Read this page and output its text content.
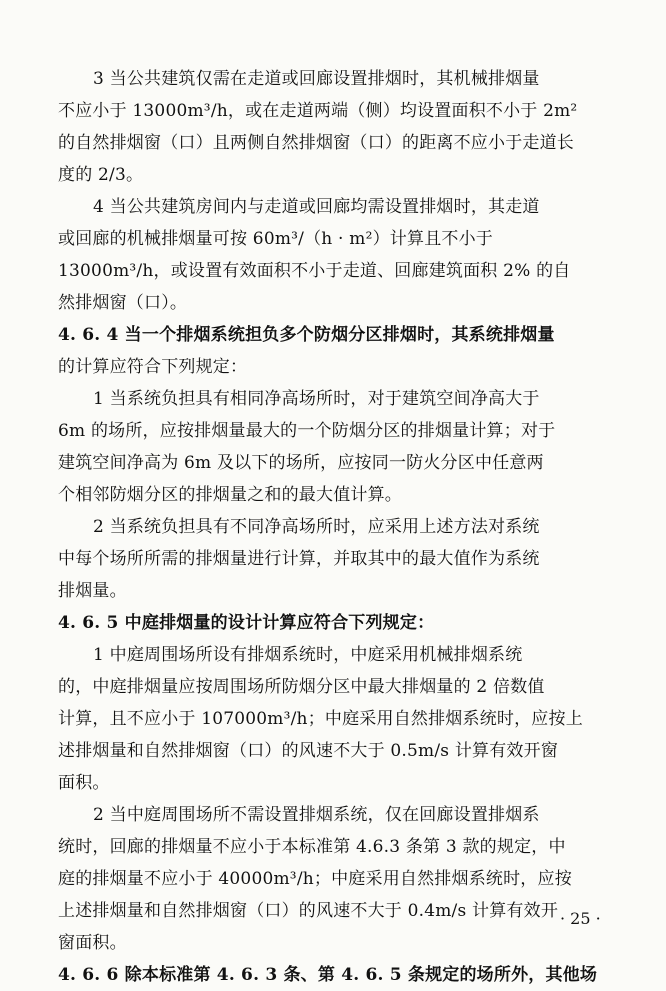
3 当公共建筑仅需在走道或回廊设置排烟时，其机械排烟量
不应小于 13000m³/h，或在走道两端（侧）均设置面积不小于 2m²
的自然排烟窗（口）且两侧自然排烟窗（口）的距离不应小于走道长
度的 2/3。
4 当公共建筑房间内与走道或回廊均需设置排烟时，其走道
或回廊的机械排烟量可按 60m³/（h · m²）计算且不小于
13000m³/h，或设置有效面积不小于走道、回廊建筑面积 2% 的自
然排烟窗（口）。
4. 6. 4 当一个排烟系统担负多个防烟分区排烟时，其系统排烟量
的计算应符合下列规定：
1 当系统负担具有相同净高场所时，对于建筑空间净高大于
6m 的场所，应按排烟量最大的一个防烟分区的排烟量计算；对于
建筑空间净高为 6m 及以下的场所，应按同一防火分区中任意两
个相邻防烟分区的排烟量之和的最大值计算。
2 当系统负担具有不同净高场所时，应采用上述方法对系统
中每个场所所需的排烟量进行计算，并取其中的最大值作为系统
排烟量。
4. 6. 5 中庭排烟量的设计计算应符合下列规定：
1 中庭周围场所设有排烟系统时，中庭采用机械排烟系统
的，中庭排烟量应按周围场所防烟分区中最大排烟量的 2 倍数值
计算，且不应小于 107000m³/h；中庭采用自然排烟系统时，应按上
述排烟量和自然排烟窗（口）的风速不大于 0.5m/s 计算有效开窗
面积。
2 当中庭周围场所不需设置排烟系统，仅在回廊设置排烟系
统时，回廊的排烟量不应小于本标准第 4.6.3 条第 3 款的规定，中
庭的排烟量不应小于 40000m³/h；中庭采用自然排烟系统时，应按
上述排烟量和自然排烟窗（口）的风速不大于 0.4m/s 计算有效开
窗面积。
4. 6. 6 除本标准第 4. 6. 3 条、第 4. 6. 5 条规定的场所外，其他场
· 25 ·
